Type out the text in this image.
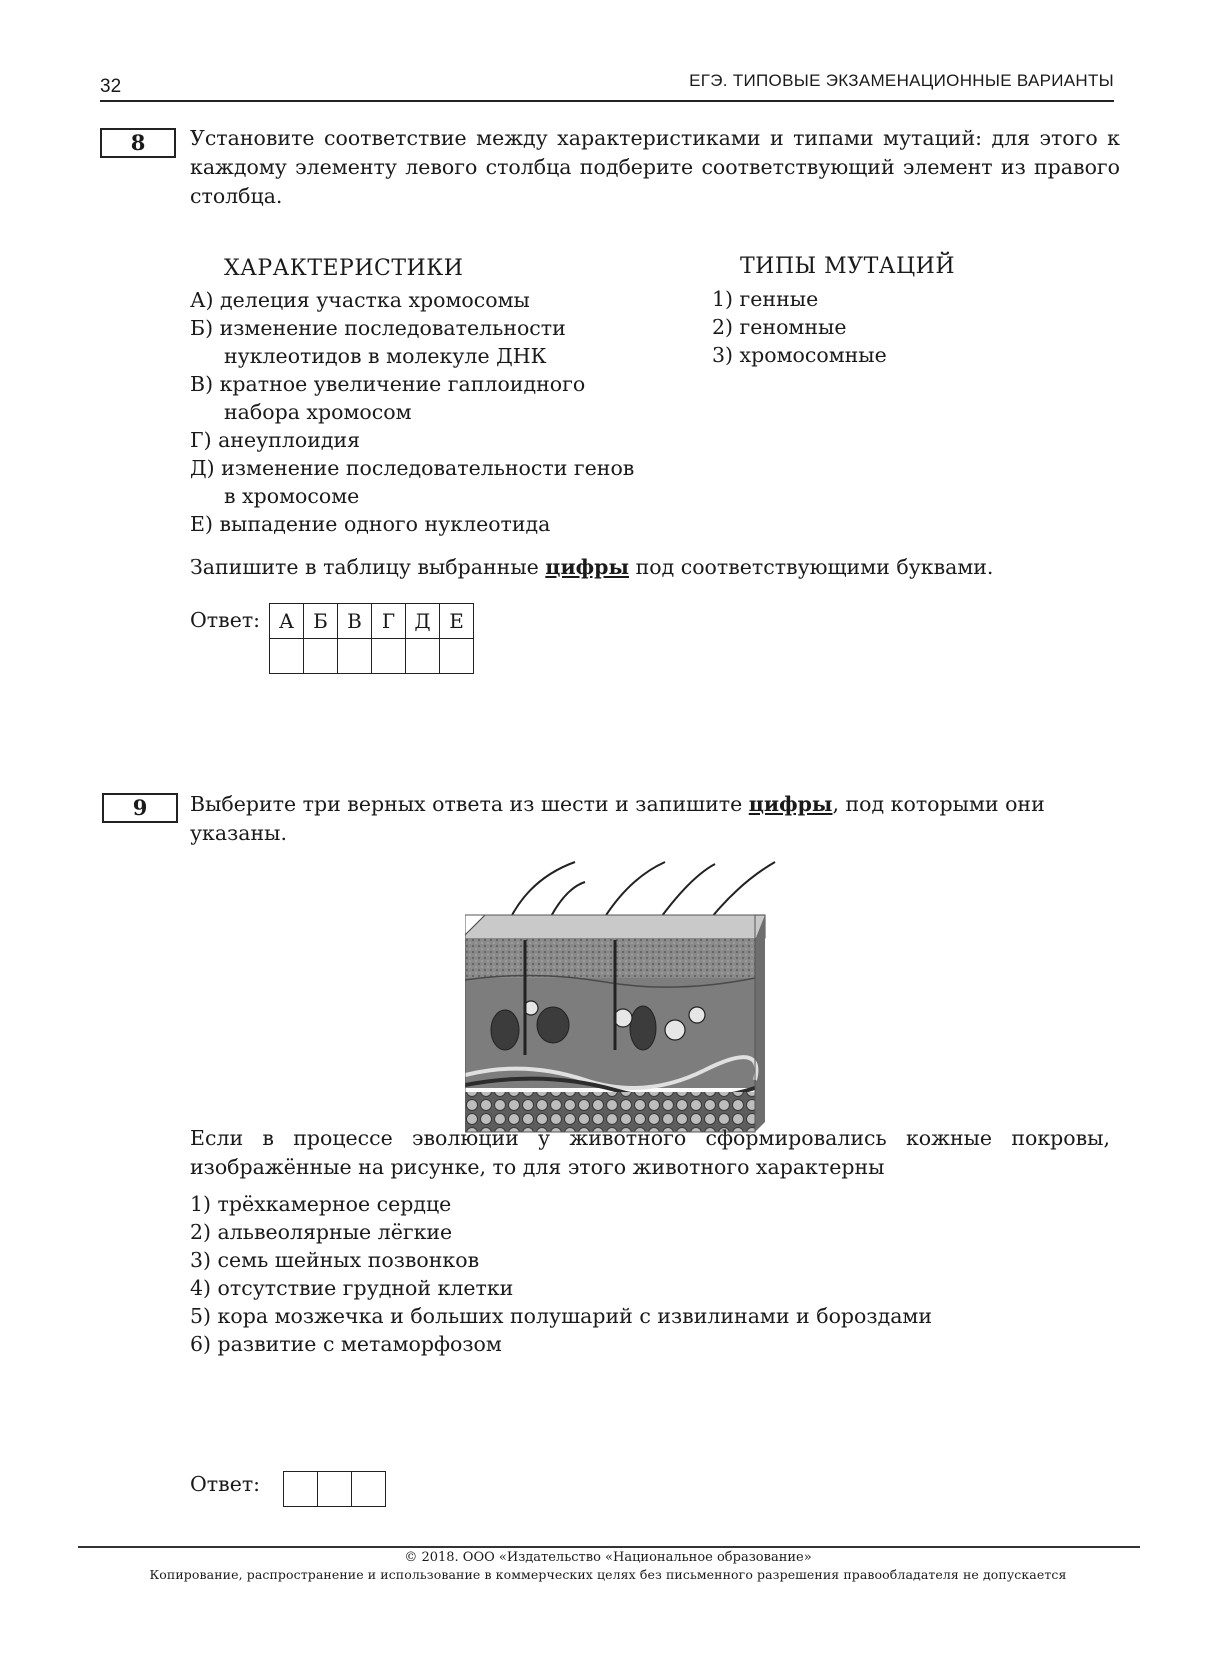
32	ЕГЭ. ТИПОВЫЕ ЭКЗАМЕНАЦИОННЫЕ ВАРИАНТЫ
8	Установите соответствие между характеристиками и типами мутаций: для этого к каждому элементу левого столбца подберите соответствующий элемент из правого столбца.
ХАРАКТЕРИСТИКИ	ТИПЫ МУТАЦИЙ
А) делеция участка хромосомы
Б) изменение последовательности
нуклеотидов в молекуле ДНК
В) кратное увеличение гаплоидного
набора хромосом
Г) анеуплоидия
Д) изменение последовательности генов
в хромосоме
Е) выпадение одного нуклеотида
1) генные
2) геномные
3) хромосомные
Запишите в таблицу выбранные цифры под соответствующими буквами.
Ответ: А	Б	В	Г	Д	Е

9	Выберите три верных ответа из шести и запишите цифры, под которыми они указаны.
Если в процессе эволюции у животного сформировались кожные покровы, изображённые на рисунке, то для этого животного характерны
1) трёхкамерное сердце
2) альвеолярные лёгкие
3) семь шейных позвонков
4) отсутствие грудной клетки
5) кора мозжечка и больших полушарий с извилинами и бороздами
6) развитие с метаморфозом
Ответ:

© 2018. ООО «Издательство «Национальное образование»
Копирование, распространение и использование в коммерческих целях без письменного разрешения правообладателя не допускается
